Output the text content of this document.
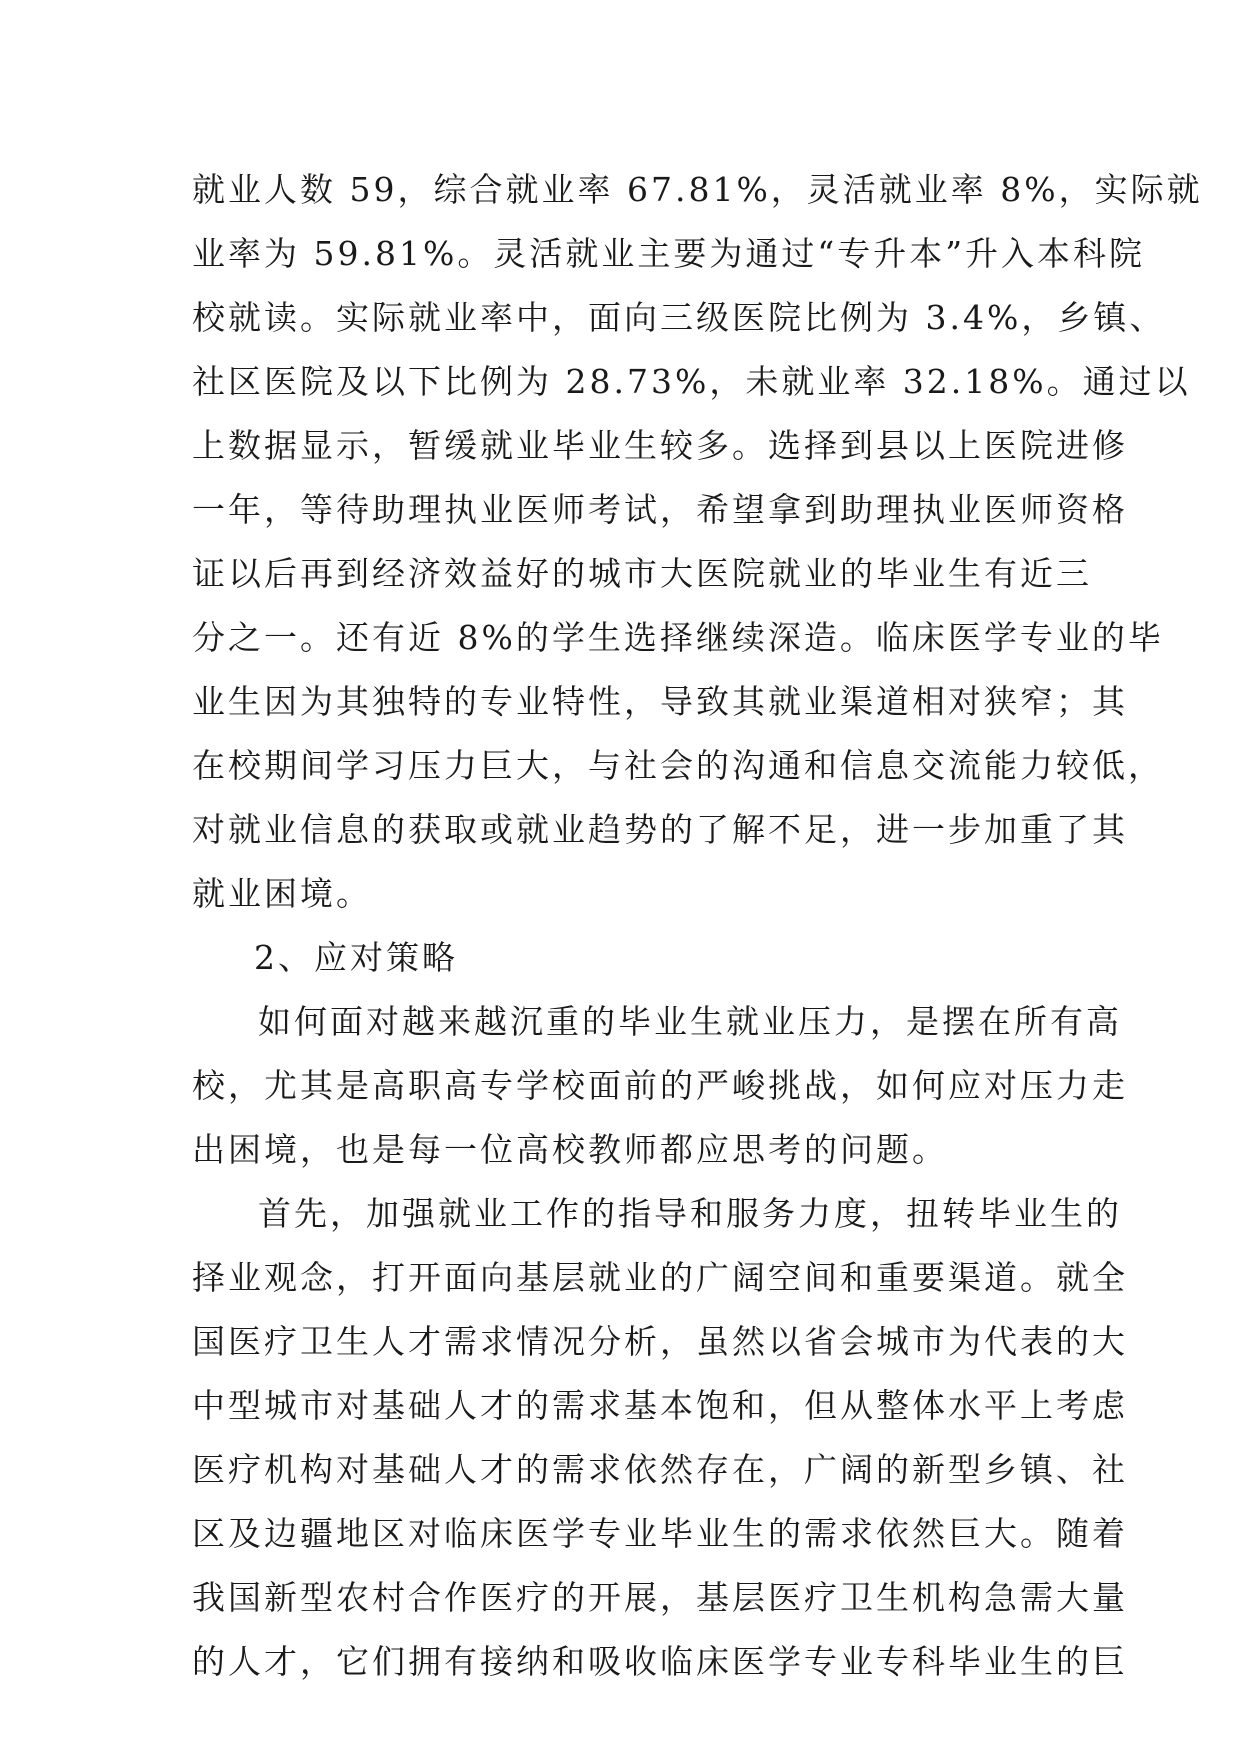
就业人数 59，综合就业率 67.81%，灵活就业率 8%，实际就
业率为 59.81%。灵活就业主要为通过“专升本”升入本科院
校就读。实际就业率中，面向三级医院比例为 3.4%，乡镇、
社区医院及以下比例为 28.73%，未就业率 32.18%。通过以
上数据显示，暂缓就业毕业生较多。选择到县以上医院进修
一年，等待助理执业医师考试，希望拿到助理执业医师资格
证以后再到经济效益好的城市大医院就业的毕业生有近三
分之一。还有近 8%的学生选择继续深造。临床医学专业的毕
业生因为其独特的专业特性，导致其就业渠道相对狭窄；其
在校期间学习压力巨大，与社会的沟通和信息交流能力较低，
对就业信息的获取或就业趋势的了解不足，进一步加重了其
就业困境。
2、应对策略
如何面对越来越沉重的毕业生就业压力，是摆在所有高
校，尤其是高职高专学校面前的严峻挑战，如何应对压力走
出困境，也是每一位高校教师都应思考的问题。
首先，加强就业工作的指导和服务力度，扭转毕业生的
择业观念，打开面向基层就业的广阔空间和重要渠道。就全
国医疗卫生人才需求情况分析，虽然以省会城市为代表的大
中型城市对基础人才的需求基本饱和，但从整体水平上考虑
医疗机构对基础人才的需求依然存在，广阔的新型乡镇、社
区及边疆地区对临床医学专业毕业生的需求依然巨大。随着
我国新型农村合作医疗的开展，基层医疗卫生机构急需大量
的人才，它们拥有接纳和吸收临床医学专业专科毕业生的巨
